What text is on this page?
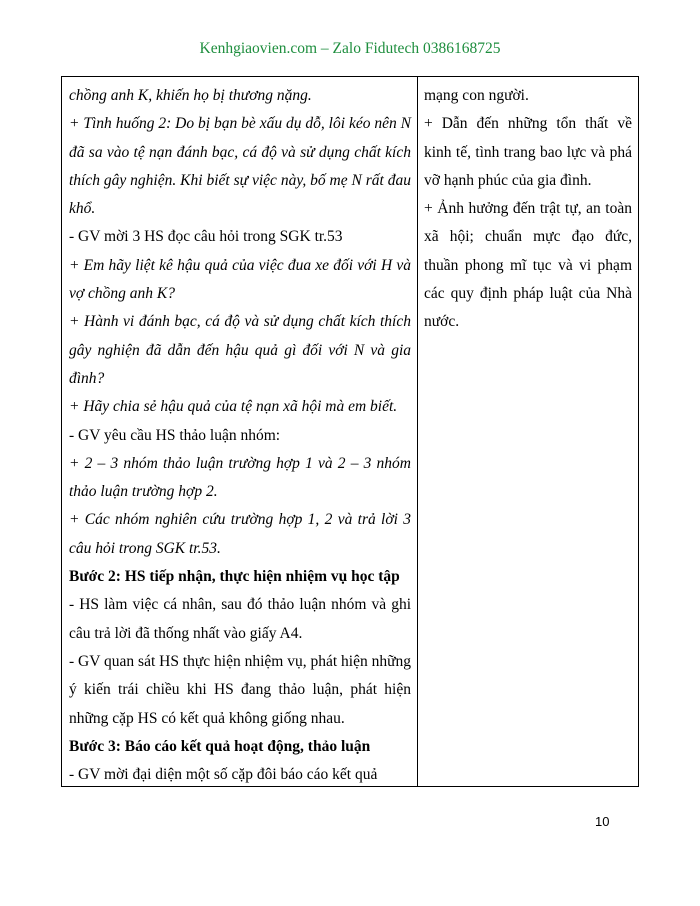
Kenhgiaovien.com – Zalo Fidutech 0386168725

chồng anh K, khiến họ bị thương nặng.

+ Tình huống 2: Do bị bạn bè xấu dụ dỗ, lôi kéo nên N đã sa vào tệ nạn đánh bạc, cá độ và sử dụng chất kích thích gây nghiện. Khi biết sự việc này, bố mẹ N rất đau khổ.

- GV mời 3 HS đọc câu hỏi trong SGK tr.53

+ Em hãy liệt kê hậu quả của việc đua xe đối với H và vợ chồng anh K?

+ Hành vi đánh bạc, cá độ và sử dụng chất kích thích gây nghiện đã dẫn đến hậu quả gì đối với N và gia đình?

+ Hãy chia sẻ hậu quả của tệ nạn xã hội mà em biết.

- GV yêu cầu HS thảo luận nhóm:

+ 2 – 3 nhóm thảo luận trường hợp 1 và 2 – 3 nhóm thảo luận trường hợp 2.

+ Các nhóm nghiên cứu trường hợp 1, 2 và trả lời 3 câu hỏi trong SGK tr.53.

Bước 2: HS tiếp nhận, thực hiện nhiệm vụ học tập

- HS làm việc cá nhân, sau đó thảo luận nhóm và ghi câu trả lời đã thống nhất vào giấy A4.

- GV quan sát HS thực hiện nhiệm vụ, phát hiện những ý kiến trái chiều khi HS đang thảo luận, phát hiện những cặp HS có kết quả không giống nhau.

Bước 3: Báo cáo kết quả hoạt động, thảo luận

- GV mời đại diện một số cặp đôi báo cáo kết quả

mạng con người.

+ Dẫn đến những tổn thất về kinh tế, tình trang bao lực và phá vỡ hạnh phúc của gia đình.

+ Ảnh hưởng đến trật tự, an toàn xã hội; chuẩn mực đạo đức, thuần phong mĩ tục và vi phạm các quy định pháp luật của Nhà nước.

10
